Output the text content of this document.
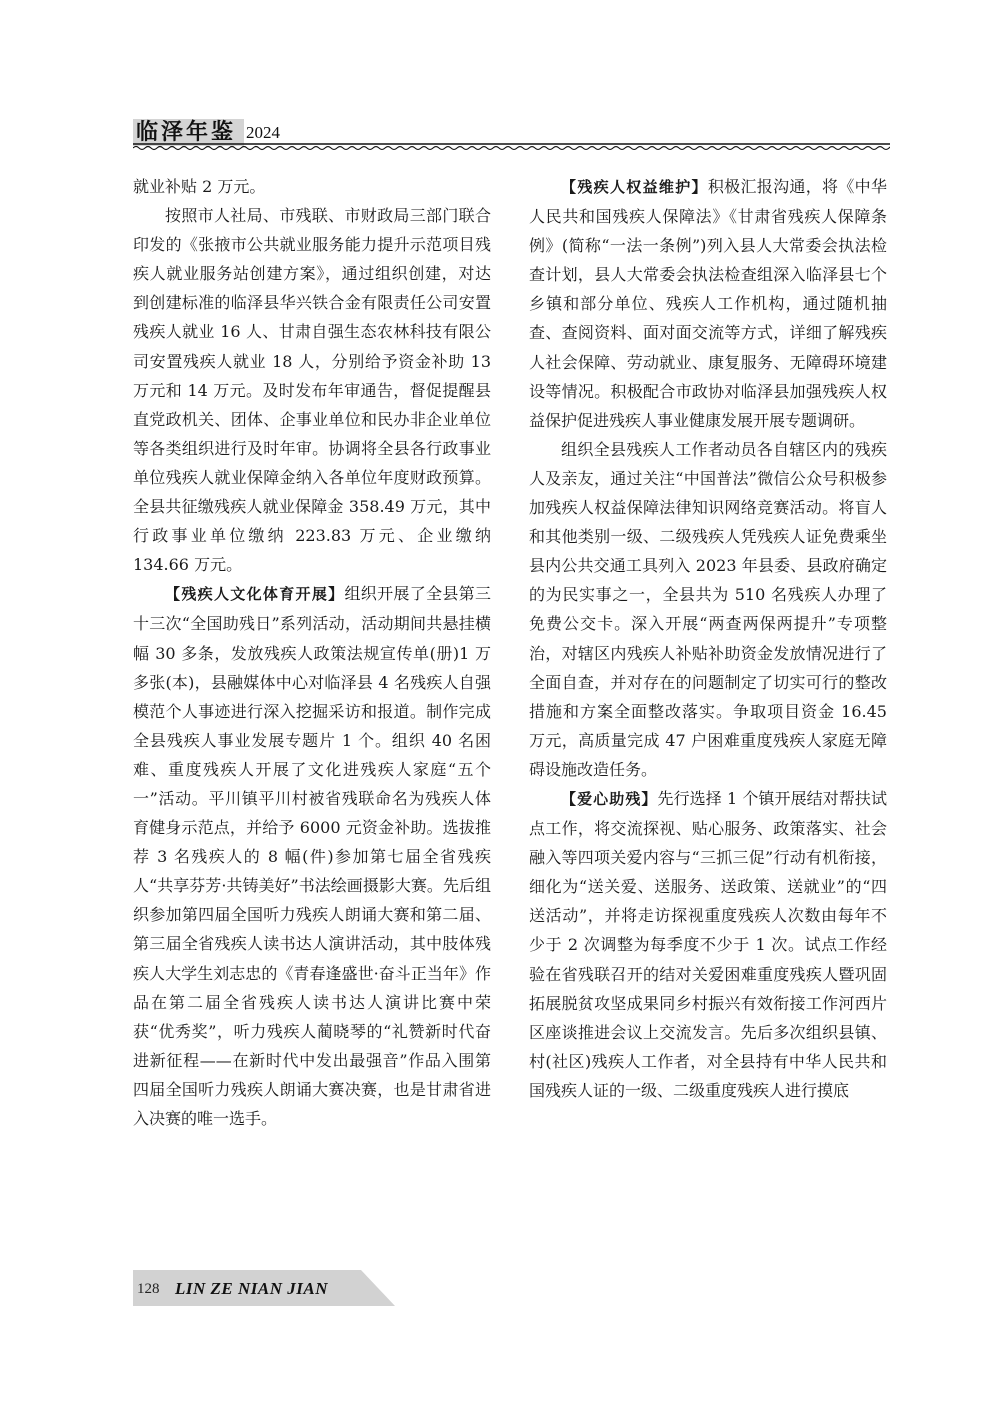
临泽年鉴 2024

就业补贴 2 万元。

按照市人社局、市残联、市财政局三部门联合印发的《张掖市公共就业服务能力提升示范项目残疾人就业服务站创建方案》，通过组织创建，对达到创建标准的临泽县华兴铁合金有限责任公司安置残疾人就业 16 人、甘肃自强生态农林科技有限公司安置残疾人就业 18 人，分别给予资金补助 13 万元和 14 万元。及时发布年审通告，督促提醒县直党政机关、团体、企事业单位和民办非企业单位等各类组织进行及时年审。协调将全县各行政事业单位残疾人就业保障金纳入各单位年度财政预算。全县共征缴残疾人就业保障金 358.49 万元，其中行政事业单位缴纳 223.83 万元、企业缴纳 134.66 万元。

【残疾人文化体育开展】组织开展了全县第三十三次“全国助残日”系列活动，活动期间共悬挂横幅 30 多条，发放残疾人政策法规宣传单(册)1 万多张(本)，县融媒体中心对临泽县 4 名残疾人自强模范个人事迹进行深入挖掘采访和报道。制作完成全县残疾人事业发展专题片 1 个。组织 40 名困难、重度残疾人开展了文化进残疾人家庭“五个一”活动。平川镇平川村被省残联命名为残疾人体育健身示范点，并给予 6000 元资金补助。选拔推荐 3 名残疾人的 8 幅(件)参加第七届全省残疾人“共享芬芳·共铸美好”书法绘画摄影大赛。先后组织参加第四届全国听力残疾人朗诵大赛和第二届、第三届全省残疾人读书达人演讲活动，其中肢体残疾人大学生刘志忠的《青春逢盛世·奋斗正当年》作品在第二届全省残疾人读书达人演讲比赛中荣获“优秀奖”，听力残疾人蔺晓琴的“礼赞新时代奋进新征程——在新时代中发出最强音”作品入围第四届全国听力残疾人朗诵大赛决赛，也是甘肃省进入决赛的唯一选手。

【残疾人权益维护】积极汇报沟通，将《中华人民共和国残疾人保障法》《甘肃省残疾人保障条例》(简称“一法一条例”)列入县人大常委会执法检查计划，县人大常委会执法检查组深入临泽县七个乡镇和部分单位、残疾人工作机构，通过随机抽查、查阅资料、面对面交流等方式，详细了解残疾人社会保障、劳动就业、康复服务、无障碍环境建设等情况。积极配合市政协对临泽县加强残疾人权益保护促进残疾人事业健康发展开展专题调研。

组织全县残疾人工作者动员各自辖区内的残疾人及亲友，通过关注“中国普法”微信公众号积极参加残疾人权益保障法律知识网络竞赛活动。将盲人和其他类别一级、二级残疾人凭残疾人证免费乘坐县内公共交通工具列入 2023 年县委、县政府确定的为民实事之一，全县共为 510 名残疾人办理了免费公交卡。深入开展“两查两保两提升”专项整治，对辖区内残疾人补贴补助资金发放情况进行了全面自查，并对存在的问题制定了切实可行的整改措施和方案全面整改落实。争取项目资金 16.45 万元，高质量完成 47 户困难重度残疾人家庭无障碍设施改造任务。

【爱心助残】先行选择 1 个镇开展结对帮扶试点工作，将交流探视、贴心服务、政策落实、社会融入等四项关爱内容与“三抓三促”行动有机衔接，细化为“送关爱、送服务、送政策、送就业”的“四送活动”，并将走访探视重度残疾人次数由每年不少于 2 次调整为每季度不少于 1 次。试点工作经验在省残联召开的结对关爱困难重度残疾人暨巩固拓展脱贫攻坚成果同乡村振兴有效衔接工作河西片区座谈推进会议上交流发言。先后多次组织县镇、村(社区)残疾人工作者，对全县持有中华人民共和国残疾人证的一级、二级重度残疾人进行摸底

128 LIN ZE NIAN JIAN
